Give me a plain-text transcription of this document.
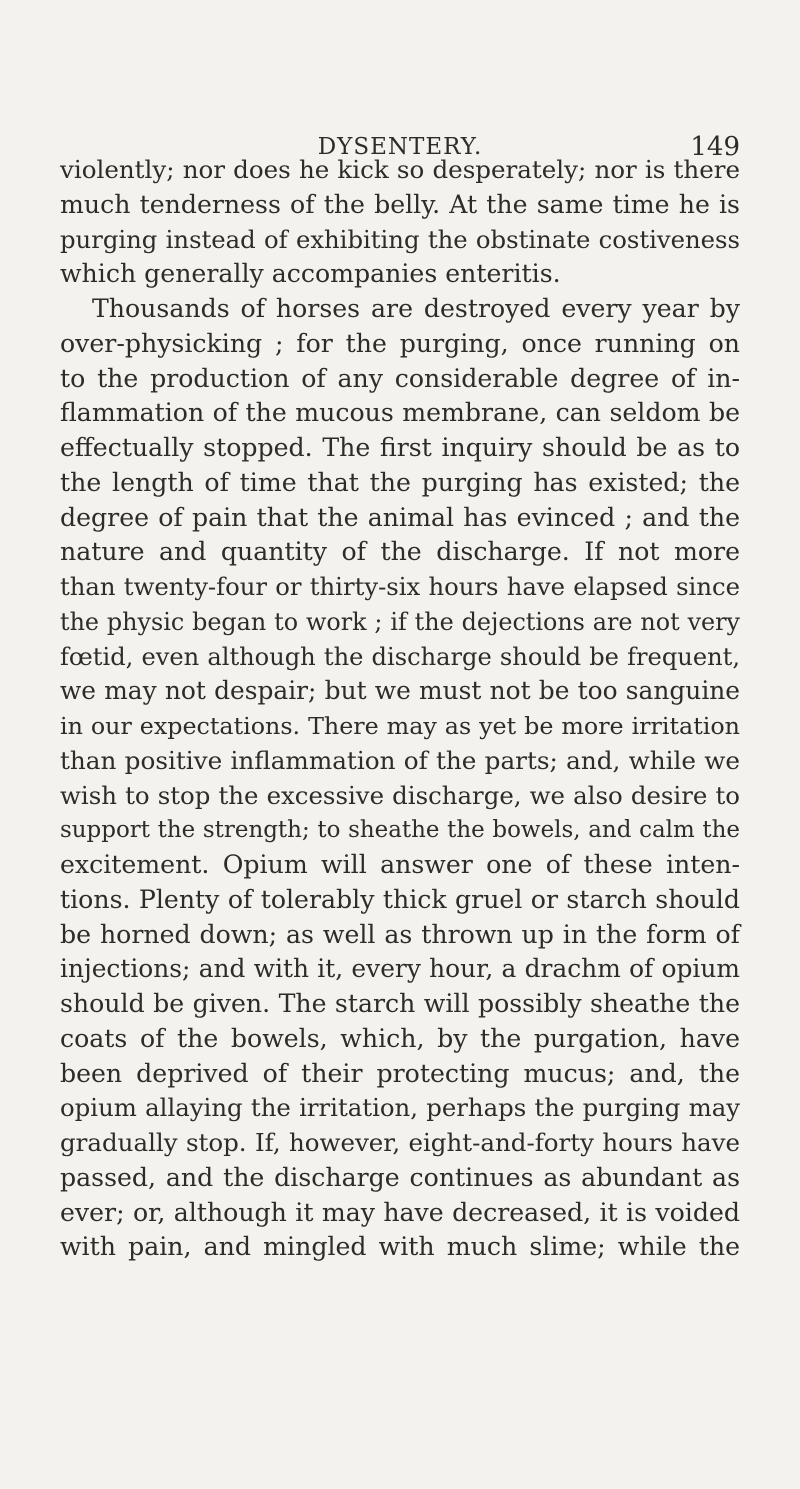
DYSENTERY.	149
violently; nor does he kick so desperately; nor is there
much tenderness of the belly. At the same time he is
purging instead of exhibiting the obstinate costiveness
which generally accompanies enteritis.
Thousands of horses are destroyed every year by
over-physicking ; for the purging, once running on
to the production of any considerable degree of in-
flammation of the mucous membrane, can seldom be
effectually stopped. The first inquiry should be as to
the length of time that the purging has existed; the
degree of pain that the animal has evinced ; and the
nature and quantity of the discharge. If not more
than twenty-four or thirty-six hours have elapsed since
the physic began to work ; if the dejections are not very
fœtid, even although the discharge should be frequent,
we may not despair; but we must not be too sanguine
in our expectations. There may as yet be more irritation
than positive inflammation of the parts; and, while we
wish to stop the excessive discharge, we also desire to
support the strength; to sheathe the bowels, and calm the
excitement. Opium will answer one of these inten-
tions. Plenty of tolerably thick gruel or starch should
be horned down; as well as thrown up in the form of
injections; and with it, every hour, a drachm of opium
should be given. The starch will possibly sheathe the
coats of the bowels, which, by the purgation, have
been deprived of their protecting mucus; and, the
opium allaying the irritation, perhaps the purging may
gradually stop. If, however, eight-and-forty hours have
passed, and the discharge continues as abundant as
ever; or, although it may have decreased, it is voided
with pain, and mingled with much slime; while the
